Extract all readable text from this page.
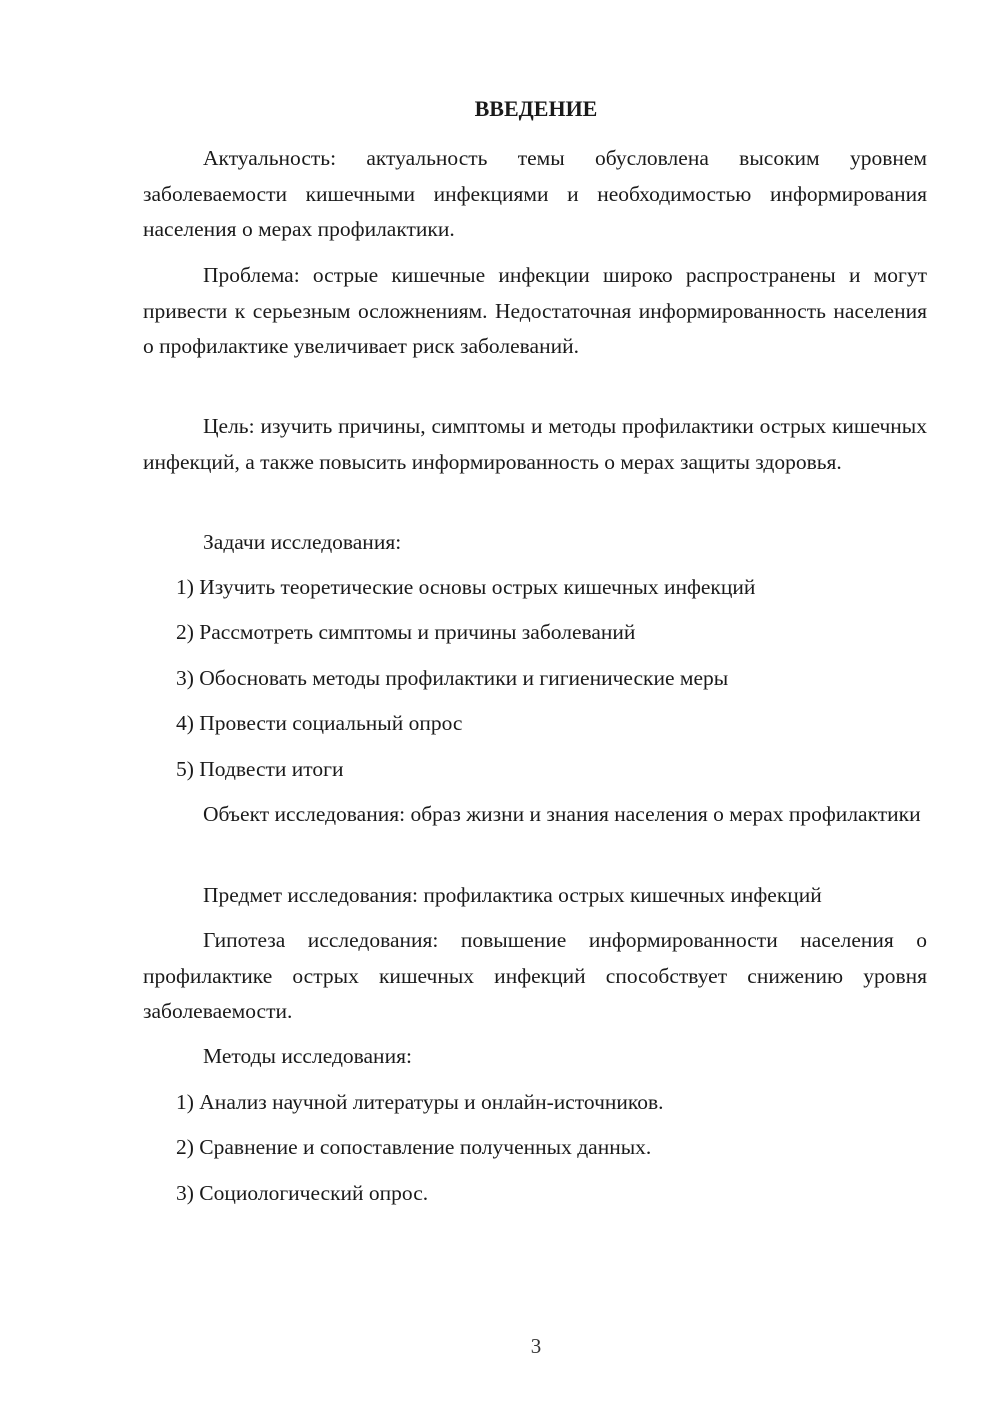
ВВЕДЕНИЕ

Актуальность: актуальность темы обусловлена высоким уровнем заболеваемости кишечными инфекциями и необходимостью информирования населения о мерах профилактики.

Проблема: острые кишечные инфекции широко распространены и могут привести к серьезным осложнениям. Недостаточная информированность населения о профилактике увеличивает риск заболеваний.

Цель: изучить причины, симптомы и методы профилактики острых кишечных инфекций, а также повысить информированность о мерах защиты здоровья.

Задачи исследования:

1) Изучить теоретические основы острых кишечных инфекций

2) Рассмотреть симптомы и причины заболеваний

3) Обосновать методы профилактики и гигиенические меры

4) Провести социальный опрос

5) Подвести итоги

Объект исследования: образ жизни и знания населения о мерах профилактики

Предмет исследования: профилактика острых кишечных инфекций

Гипотеза исследования: повышение информированности населения о профилактике острых кишечных инфекций способствует снижению уровня заболеваемости.

Методы исследования:

1) Анализ научной литературы и онлайн-источников.

2) Сравнение и сопоставление полученных данных.

3) Социологический опрос.

3
